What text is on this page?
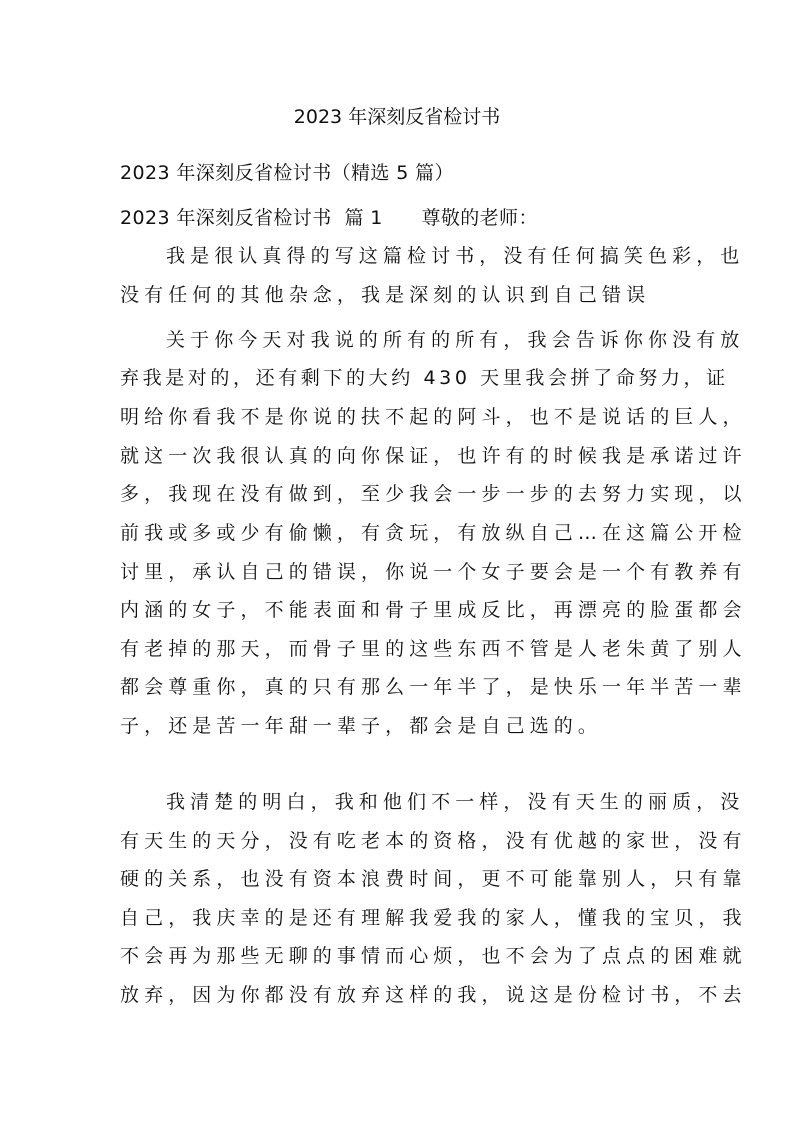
2023 年深刻反省检讨书
2023 年深刻反省检讨书（精选 5 篇）
2023 年深刻反省检讨书  篇 1      尊敬的老师：
我是很认真得的写这篇检讨书，没有任何搞笑色彩，也
没有任何的其他杂念，我是深刻的认识到自己错误
关于你今天对我说的所有的所有，我会告诉你你没有放
弃我是对的，还有剩下的大约 430 天里我会拼了命努力，证
明给你看我不是你说的扶不起的阿斗，也不是说话的巨人，
就这一次我很认真的向你保证，也许有的时候我是承诺过许
多，我现在没有做到，至少我会一步一步的去努力实现，以
前我或多或少有偷懒，有贪玩，有放纵自己…在这篇公开检
讨里，承认自己的错误，你说一个女子要会是一个有教养有
内涵的女子，不能表面和骨子里成反比，再漂亮的脸蛋都会
有老掉的那天，而骨子里的这些东西不管是人老朱黄了别人
都会尊重你，真的只有那么一年半了，是快乐一年半苦一辈
子，还是苦一年甜一辈子，都会是自己选的。
我清楚的明白，我和他们不一样，没有天生的丽质，没
有天生的天分，没有吃老本的资格，没有优越的家世，没有
硬的关系，也没有资本浪费时间，更不可能靠别人，只有靠
自己，我庆幸的是还有理解我爱我的家人，懂我的宝贝，我
不会再为那些无聊的事情而心烦，也不会为了点点的困难就
放弃，因为你都没有放弃这样的我，说这是份检讨书，不去
